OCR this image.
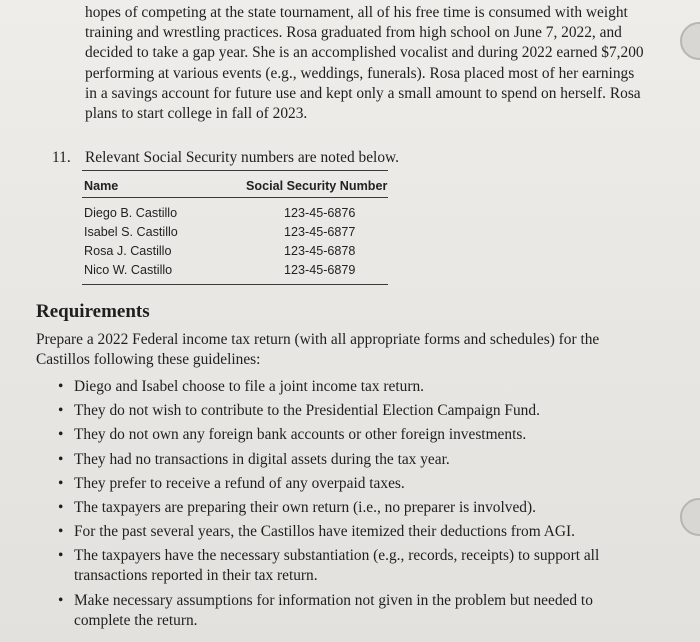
hopes of competing at the state tournament, all of his free time is consumed with weight training and wrestling practices. Rosa graduated from high school on June 7, 2022, and decided to take a gap year. She is an accomplished vocalist and during 2022 earned $7,200 performing at various events (e.g., weddings, funerals). Rosa placed most of her earnings in a savings account for future use and kept only a small amount to spend on herself. Rosa plans to start college in fall of 2023.

11. Relevant Social Security numbers are noted below.
Name	Social Security Number
Diego B. Castillo	123-45-6876
Isabel S. Castillo	123-45-6877
Rosa J. Castillo	123-45-6878
Nico W. Castillo	123-45-6879
Requirements

Prepare a 2022 Federal income tax return (with all appropriate forms and schedules) for the Castillos following these guidelines:

• Diego and Isabel choose to file a joint income tax return.
• They do not wish to contribute to the Presidential Election Campaign Fund.
• They do not own any foreign bank accounts or other foreign investments.
• They had no transactions in digital assets during the tax year.
• They prefer to receive a refund of any overpaid taxes.
• The taxpayers are preparing their own return (i.e., no preparer is involved).
• For the past several years, the Castillos have itemized their deductions from AGI.
• The taxpayers have the necessary substantiation (e.g., records, receipts) to support all transactions reported in their tax return.
• Make necessary assumptions for information not given in the problem but needed to complete the return.
